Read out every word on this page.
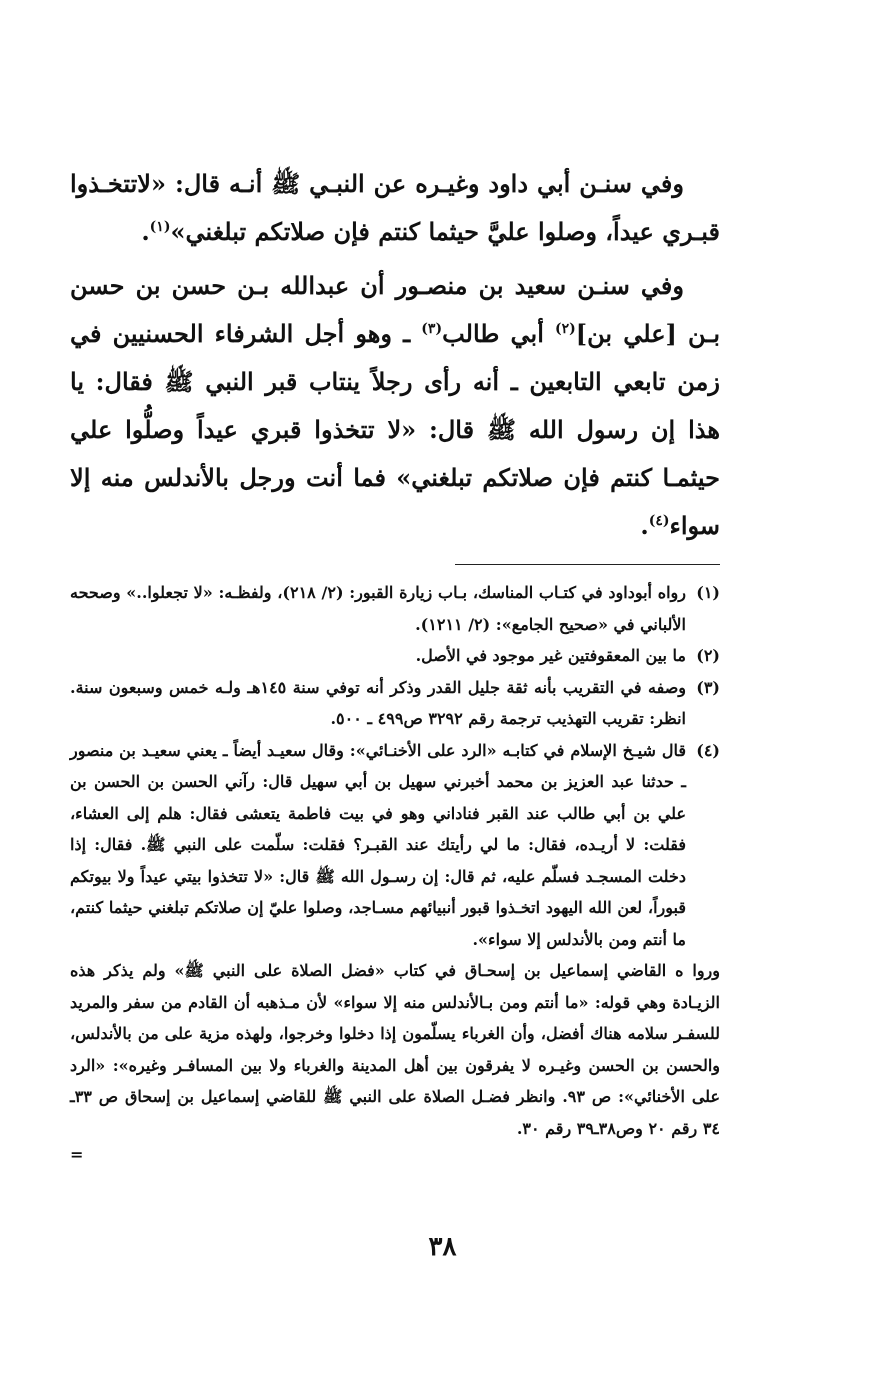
وفي سنـن أبي داود وغيـره عن النبـي ﷺ أنـه قال: «لاتتخـذوا قبـري عيداً، وصلوا عليَّ حيثما كنتم فإن صلاتكم تبلغني»$^{(١)}$.

وفي سنـن سعيد بن منصـور أن عبدالله بـن حسن بن حسن بـن [علي بن]$^{(٢)}$ أبي طالب$^{(٣)}$ ـ وهو أجل الشرفاء الحسنيين في زمن تابعي التابعين ـ أنه رأى رجلاً ينتاب قبر النبي ﷺ فقال: يا هذا إن رسول الله ﷺ قال: «لا تتخذوا قبري عيداً وصلُّوا علي حيثمـا كنتم فإن صلاتكم تبلغني» فما أنت ورجل بالأندلس منه إلا سواء$^{(٤)}$.

(١)
رواه أبوداود في كتـاب المناسك، بـاب زيارة القبور: (٢/ ٢١٨)، ولفظـه: «لا تجعلوا..» وصححه الألباني في «صحيح الجامع»: (٢/ ١٢١١).

(٢)
ما بين المعقوفتين غير موجود في الأصل.

(٣)
وصفه في التقريب بأنه ثقة جليل القدر وذكر أنه توفي سنة ١٤٥هـ ولـه خمس وسبعون سنة. انظر: تقريب التهذيب ترجمة رقم ٣٢٩٢ ص٤٩٩ ـ ٥٠٠.

(٤)
قال شيـخ الإسلام في كتابـه «الرد على الأخنـائي»: وقال سعيـد أيضاً ـ يعني سعيـد بن منصور ـ حدثنا عبد العزيز بن محمد أخبرني سهيل بن أبي سهيل قال: رآني الحسن بن الحسن بن علي بن أبي طالب عند القبر فناداني وهو في بيت فاطمة يتعشى فقال: هلم إلى العشاء، فقلت: لا أريـده، فقال: ما لي رأيتك عند القبـر؟ فقلت: سلّمت على النبي ﷺ. فقال: إذا دخلت المسجـد فسلّم عليه، ثم قال: إن رسـول الله ﷺ قال: «لا تتخذوا بيتي عيداً ولا بيوتكم قبوراً، لعن الله اليهود اتخـذوا قبور أنبيائهم مسـاجد، وصلوا عليّ إن صلاتكم تبلغني حيثما كنتم، ما أنتم ومن بالأندلس إلا سواء».

وروا ه القاضي إسماعيل بن إسحـاق في كتاب «فضل الصلاة على النبي ﷺ» ولم يذكر هذه الزيـادة وهي قوله: «ما أنتم ومن بـالأندلس منه إلا سواء» لأن مـذهبه أن القادم من سفر والمريد للسفـر سلامه هناك أفضل، وأن الغرباء يسلّمون إذا دخلوا وخرجوا، ولهذه مزية على من بالأندلس، والحسن بن الحسن وغيـره لا يفرقون بين أهل المدينة والغرباء ولا بين المسافـر وغيره»: «الرد على الأخنائي»: ص ٩٣. وانظر فضـل الصلاة على النبي ﷺ للقاضي إسماعيل بن إسحاق ص ٣٣ـ ٣٤ رقم ٢٠ وص٣٨ـ٣٩ رقم ٣٠.

=
٣٨
